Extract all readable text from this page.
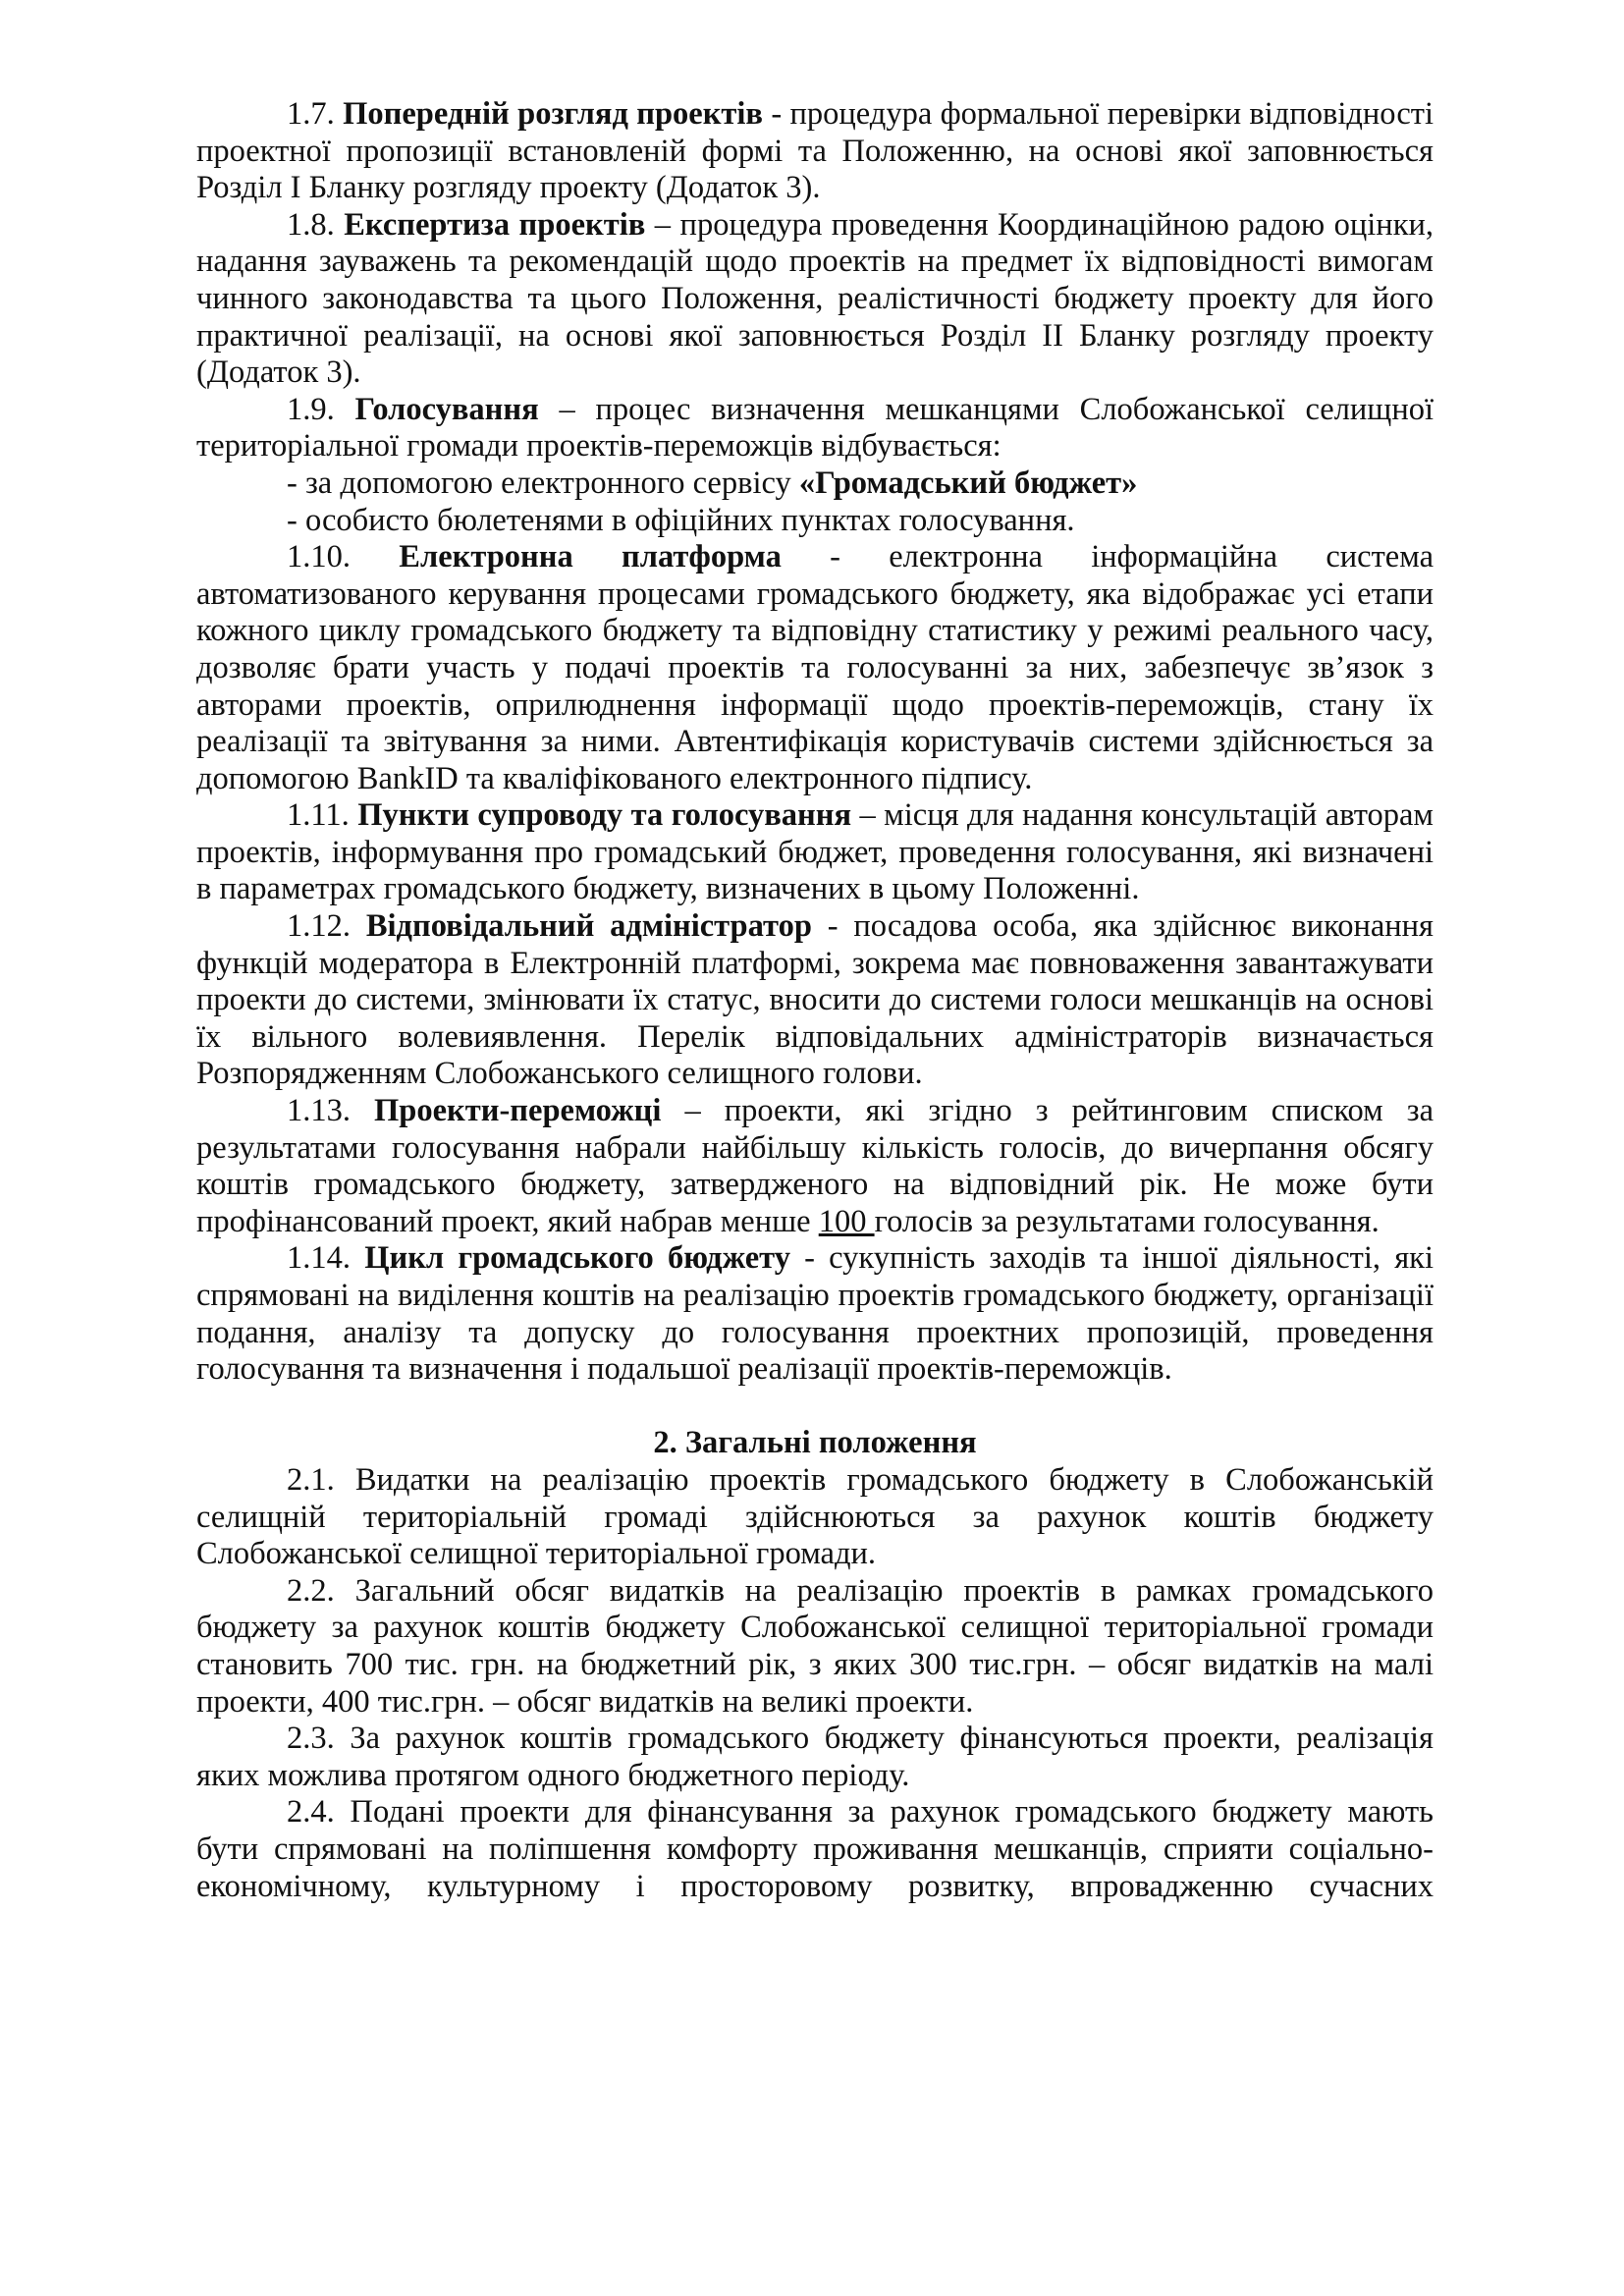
1.7. Попередній розгляд проектів - процедура формальної перевірки відповідності проектної пропозиції встановленій формі та Положенню, на основі якої заповнюється Розділ І Бланку розгляду проекту (Додаток 3).

1.8. Експертиза проектів – процедура проведення Координаційною радою оцінки, надання зауважень та рекомендацій щодо проектів на предмет їх відповідності вимогам чинного законодавства та цього Положення, реалістичності бюджету проекту для його практичної реалізації, на основі якої заповнюється Розділ ІІ Бланку розгляду проекту (Додаток 3).

1.9. Голосування – процес визначення мешканцями Слобожанської селищної територіальної громади проектів-переможців відбувається:

- за допомогою електронного сервісу «Громадський бюджет»

- особисто бюлетенями в офіційних пунктах голосування.

1.10. Електронна платформа - електронна інформаційна система автоматизованого керування процесами громадського бюджету, яка відображає усі етапи кожного циклу громадського бюджету та відповідну статистику у режимі реального часу, дозволяє брати участь у подачі проектів та голосуванні за них, забезпечує зв’язок з авторами проектів, оприлюднення інформації щодо проектів-переможців, стану їх реалізації та звітування за ними. Автентифікація користувачів системи здійснюється за допомогою BankID та кваліфікованого електронного підпису.

1.11. Пункти супроводу та голосування – місця для надання консультацій авторам проектів, інформування про громадський бюджет, проведення голосування, які визначені в параметрах громадського бюджету, визначених в цьому Положенні.

1.12. Відповідальний адміністратор - посадова особа, яка здійснює виконання функцій модератора в Електронній платформі, зокрема має повноваження завантажувати проекти до системи, змінювати їх статус, вносити до системи голоси мешканців на основі їх вільного волевиявлення. Перелік відповідальних адміністраторів визначається Розпорядженням Слобожанського селищного голови.

1.13. Проекти-переможці – проекти, які згідно з рейтинговим списком за результатами голосування набрали найбільшу кількість голосів, до вичерпання обсягу коштів громадського бюджету, затвердженого на відповідний рік. Не може бути профінансований проект, який набрав менше 100 голосів за результатами голосування.

1.14. Цикл громадського бюджету - сукупність заходів та іншої діяльності, які спрямовані на виділення коштів на реалізацію проектів громадського бюджету, організації подання, аналізу та допуску до голосування проектних пропозицій, проведення голосування та визначення і подальшої реалізації проектів-переможців.

2. Загальні положення

2.1. Видатки на реалізацію проектів громадського бюджету в Слобожанській селищній територіальній громаді здійснюються за рахунок коштів бюджету Слобожанської селищної територіальної громади.

2.2. Загальний обсяг видатків на реалізацію проектів в рамках громадського бюджету за рахунок коштів бюджету Слобожанської селищної територіальної громади становить 700 тис. грн. на бюджетний рік, з яких 300 тис.грн. – обсяг видатків на малі проекти, 400 тис.грн. – обсяг видатків на великі проекти.

2.3. За рахунок коштів громадського бюджету фінансуються проекти, реалізація яких можлива протягом одного бюджетного періоду.

2.4. Подані проекти для фінансування за рахунок громадського бюджету мають бути спрямовані на поліпшення комфорту проживання мешканців, сприяти соціально-економічному, культурному і просторовому розвитку, впровадженню сучасних
